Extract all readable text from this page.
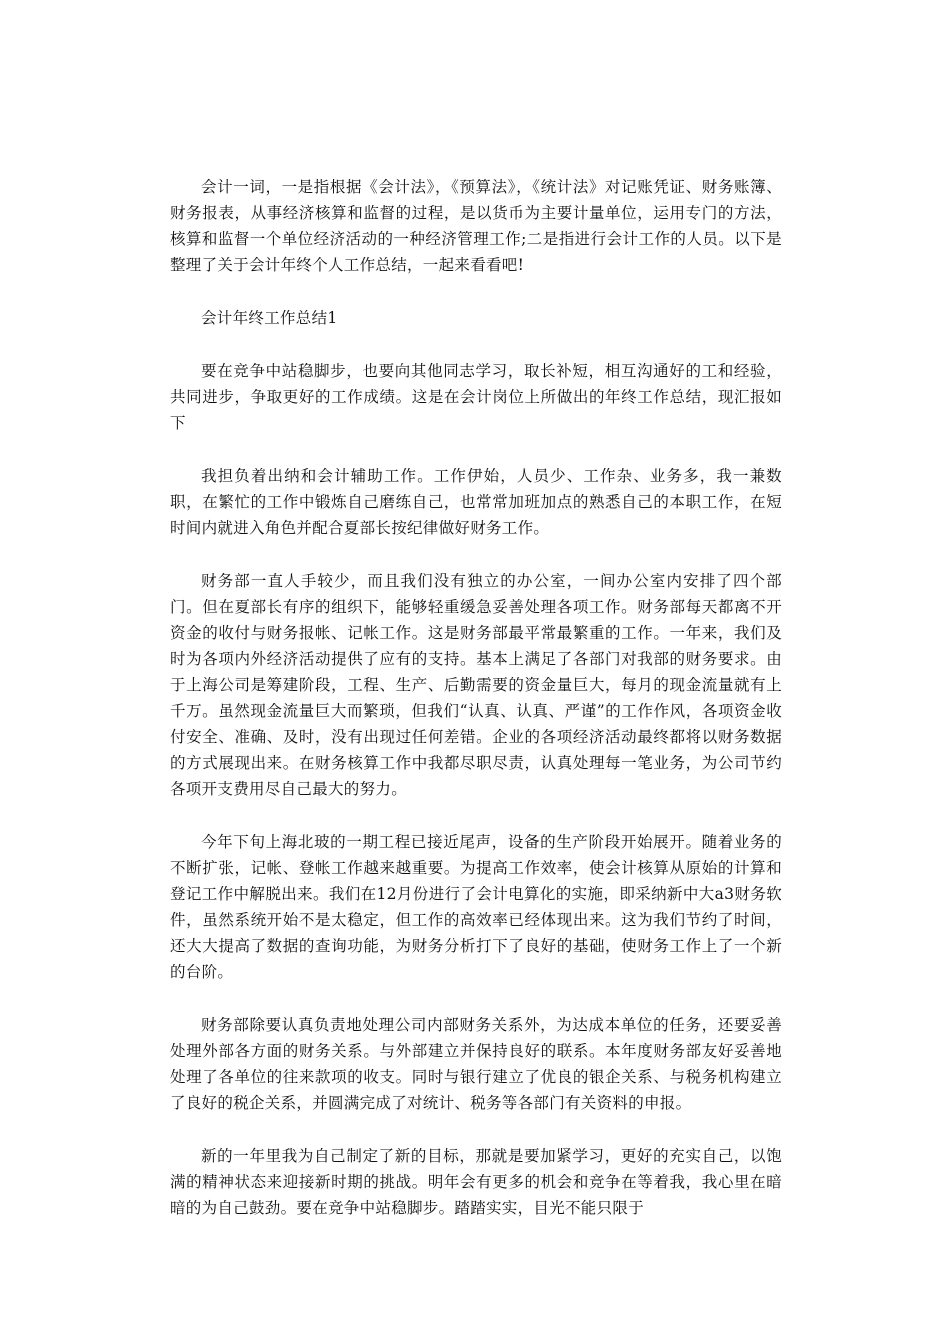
会计一词，一是指根据《会计法》，《预算法》，《统计法》对记账凭证、财务账簿、财务报表，从事经济核算和监督的过程，是以货币为主要计量单位，运用专门的方法，核算和监督一个单位经济活动的一种经济管理工作;二是指进行会计工作的人员。以下是整理了关于会计年终个人工作总结，一起来看看吧!

会计年终工作总结1

要在竞争中站稳脚步，也要向其他同志学习，取长补短，相互沟通好的工和经验，共同进步，争取更好的工作成绩。这是在会计岗位上所做出的年终工作总结，现汇报如下

我担负着出纳和会计辅助工作。工作伊始，人员少、工作杂、业务多，我一兼数职，在繁忙的工作中锻炼自己磨练自己，也常常加班加点的熟悉自己的本职工作，在短时间内就进入角色并配合夏部长按纪律做好财务工作。

财务部一直人手较少，而且我们没有独立的办公室，一间办公室内安排了四个部门。但在夏部长有序的组织下，能够轻重缓急妥善处理各项工作。财务部每天都离不开资金的收付与财务报帐、记帐工作。这是财务部最平常最繁重的工作。一年来，我们及时为各项内外经济活动提供了应有的支持。基本上满足了各部门对我部的财务要求。由于上海公司是筹建阶段，工程、生产、后勤需要的资金量巨大，每月的现金流量就有上千万。虽然现金流量巨大而繁琐，但我们“认真、认真、严谨”的工作作风，各项资金收付安全、准确、及时，没有出现过任何差错。企业的各项经济活动最终都将以财务数据的方式展现出来。在财务核算工作中我都尽职尽责，认真处理每一笔业务，为公司节约各项开支费用尽自己最大的努力。

今年下旬上海北玻的一期工程已接近尾声，设备的生产阶段开始展开。随着业务的不断扩张，记帐、登帐工作越来越重要。为提高工作效率，使会计核算从原始的计算和登记工作中解脱出来。我们在12月份进行了会计电算化的实施，即采纳新中大a3财务软件，虽然系统开始不是太稳定，但工作的高效率已经体现出来。这为我们节约了时间，还大大提高了数据的查询功能，为财务分析打下了良好的基础，使财务工作上了一个新的台阶。

财务部除要认真负责地处理公司内部财务关系外，为达成本单位的任务，还要妥善处理外部各方面的财务关系。与外部建立并保持良好的联系。本年度财务部友好妥善地处理了各单位的往来款项的收支。同时与银行建立了优良的银企关系、与税务机构建立了良好的税企关系，并圆满完成了对统计、税务等各部门有关资料的申报。

新的一年里我为自己制定了新的目标，那就是要加紧学习，更好的充实自己，以饱满的精神状态来迎接新时期的挑战。明年会有更多的机会和竞争在等着我，我心里在暗暗的为自己鼓劲。要在竞争中站稳脚步。踏踏实实，目光不能只限于
